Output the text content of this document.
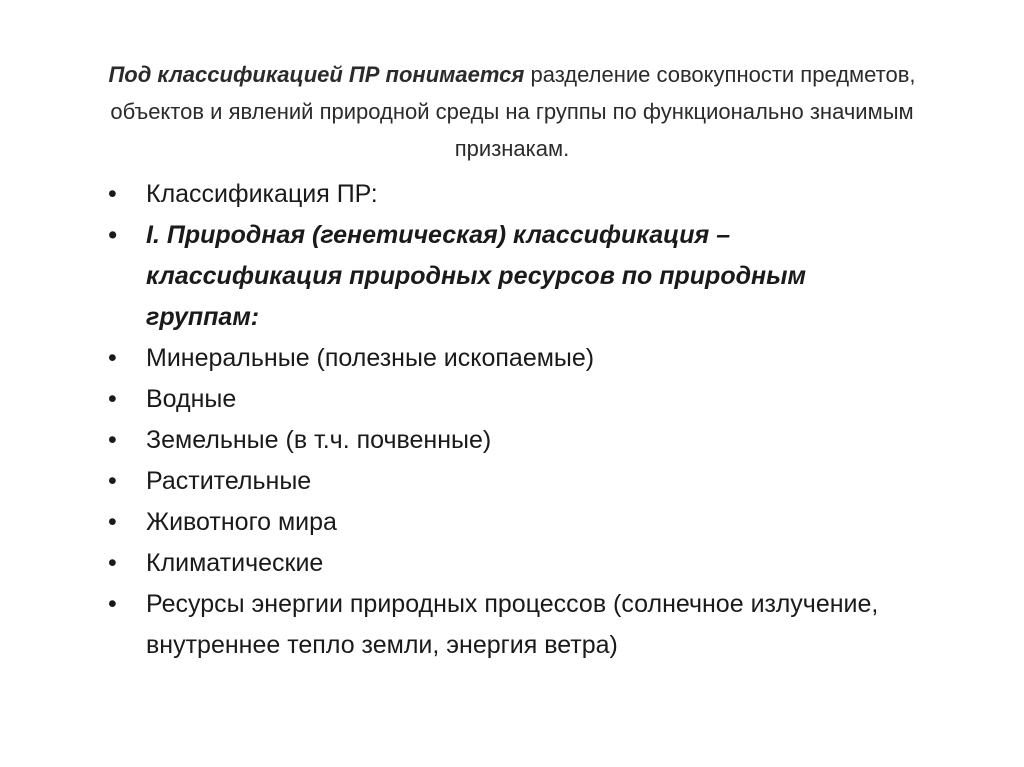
Под классификацией ПР понимается разделение совокупности предметов, объектов и явлений природной среды на группы по функционально значимым признакам.

•	Классификация ПР:
•	I. Природная (генетическая) классификация – классификация природных ресурсов по природным группам:
•	Минеральные (полезные ископаемые)
•	Водные
•	Земельные (в т.ч. почвенные)
•	Растительные
•	Животного мира
•	Климатические
•	Ресурсы энергии природных процессов (солнечное излучение, внутреннее тепло земли, энергия ветра)
